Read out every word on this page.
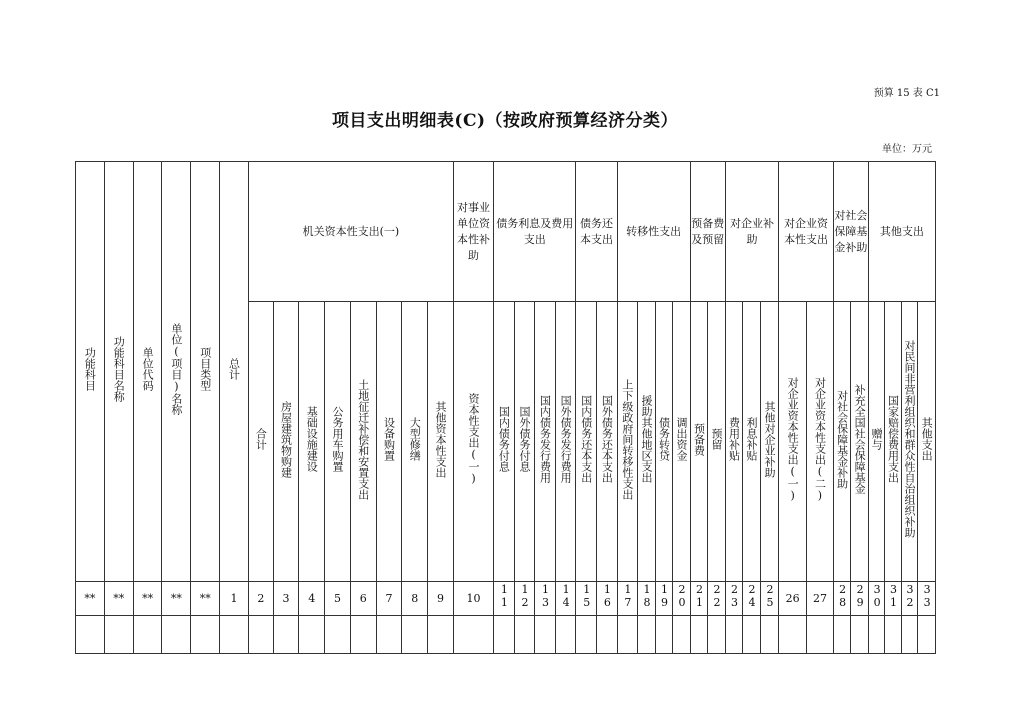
预算 15 表 C1
项目支出明细表(C)（按政府预算经济分类）
单位：万元
功能科目	功能科目名称	单位代码	单位(项目)名称	项目类型	总计	机关资本性支出(一)								对事业单位资本性补助	债务利息及费用支出				债务还本支出		转移性支出				预备费及预留		对企业补助			对企业资本性支出		对社会保障基金补助		其他支出			
						合计	房屋建筑物购建	基础设施建设	公务用车购置	土地征迁补偿和安置支出	设备购置	大型修缮	其他资本性支出	资本性支出(一)	国内债务付息	国外债务付息	国内债务发行费用	国外债务发行费用	国内债务还本支出	国外债务还本支出	上下级政府间转移性支出	援助其他地区支出	债务转贷	调出资金	预备费	预留	费用补贴	利息补贴	其他对企业补助	对企业资本性支出(一)	对企业资本性支出(二)	对社会保障基金补助	补充全国社会保障基金	赠与	国家赔偿费用支出	对民间非营利组织和群众性自治组织补助	其他支出
**	**	**	**	**	1	2	3	4	5	6	7	8	9	10	11	12	13	14	15	16	17	18	19	20	21	22	23	24	25	26	27	28	29	30	31	32	33
